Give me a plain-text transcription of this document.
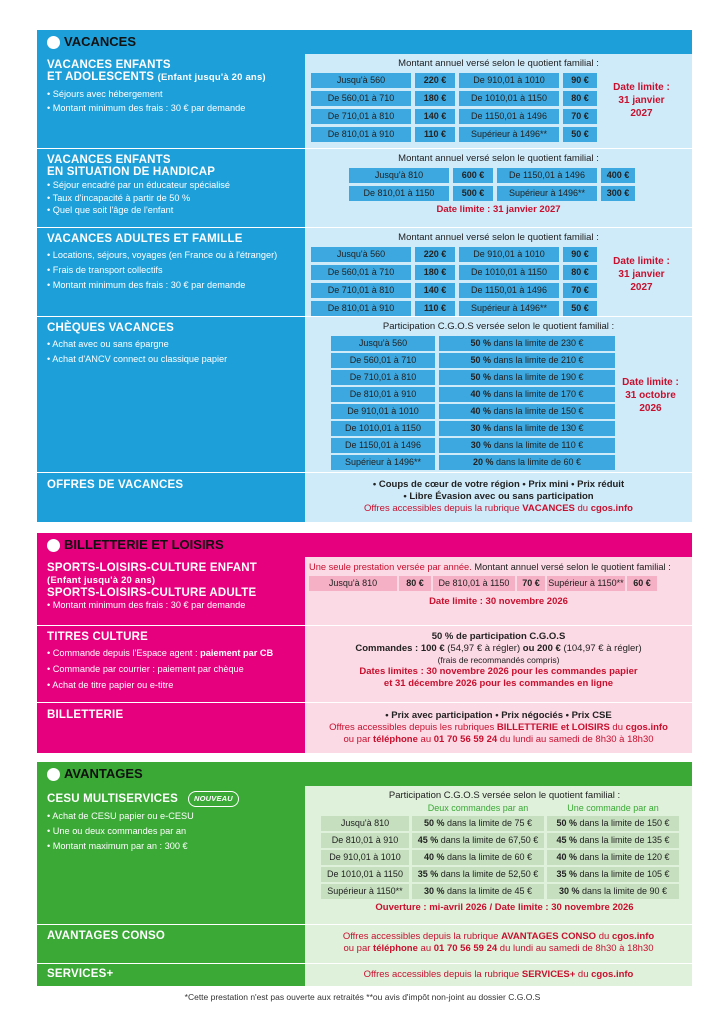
VACANCES
VACANCES ENFANTS
ET ADOLESCENTS (Enfant jusqu'à 20 ans)
• Séjours avec hébergement
• Montant minimum des frais : 30 € par demande
Montant annuel versé selon le quotient familial :
Jusqu'à 560	220 €	De 910,01 à 1010	90 €
De 560,01 à 710	180 €	De 1010,01 à 1150	80 €
De 710,01 à 810	140 €	De 1150,01 à 1496	70 €
De 810,01 à 910	110 €	Supérieur à 1496**	50 €
Date limite :
31 janvier
2027
VACANCES ENFANTS
EN SITUATION DE HANDICAP
• Séjour encadré par un éducateur spécialisé
• Taux d'incapacité à partir de 50 %
• Quel que soit l'âge de l'enfant
Montant annuel versé selon le quotient familial :
Jusqu'à 810	600 €	De 1150,01 à 1496	400 €
De 810,01 à 1150	500 €	Supérieur à 1496**	300 €
Date limite : 31 janvier 2027
VACANCES ADULTES ET FAMILLE
• Locations, séjours, voyages (en France ou à l'étranger)
• Frais de transport collectifs
• Montant minimum des frais : 30 € par demande
Montant annuel versé selon le quotient familial :
Jusqu'à 560	220 €	De 910,01 à 1010	90 €
De 560,01 à 710	180 €	De 1010,01 à 1150	80 €
De 710,01 à 810	140 €	De 1150,01 à 1496	70 €
De 810,01 à 910	110 €	Supérieur à 1496**	50 €
Date limite :
31 janvier
2027
CHÈQUES VACANCES
• Achat avec ou sans épargne
• Achat d'ANCV connect ou classique papier
Participation C.G.O.S versée selon le quotient familial :
Jusqu'à 560	50 % dans la limite de 230 €
De 560,01 à 710	50 % dans la limite de 210 €
De 710,01 à 810	50 % dans la limite de 190 €
De 810,01 à 910	40 % dans la limite de 170 €
De 910,01 à 1010	40 % dans la limite de 150 €
De 1010,01 à 1150	30 % dans la limite de 130 €
De 1150,01 à 1496	30 % dans la limite de 110 €
Supérieur à 1496**	20 % dans la limite de 60 €
Date limite :
31 octobre
2026
OFFRES DE VACANCES	• Coups de cœur de votre région • Prix mini • Prix réduit
• Libre Évasion avec ou sans participation
Offres accessibles depuis la rubrique VACANCES du cgos.info
BILLETTERIE ET LOISIRS
SPORTS-LOISIRS-CULTURE ENFANT
(Enfant jusqu'à 20 ans)
SPORTS-LOISIRS-CULTURE ADULTE
• Montant minimum des frais : 30 € par demande
Une seule prestation versée par année. Montant annuel versé selon le quotient familial :
Jusqu'à 810	80 €	De 810,01 à 1150	70 € Supérieur à 1150**	60 €
Date limite : 30 novembre 2026
TITRES CULTURE
• Commande depuis l'Espace agent : paiement par CB
• Commande par courrier : paiement par chèque
• Achat de titre papier ou e-titre
50 % de participation C.G.O.S
Commandes : 100 € (54,97 € à régler) ou 200 € (104,97 € à régler)
(frais de recommandés compris)
Dates limites : 30 novembre 2026 pour les commandes papier
et 31 décembre 2026 pour les commandes en ligne
BILLETTERIE	• Prix avec participation • Prix négociés • Prix CSE
Offres accessibles depuis les rubriques BILLETTERIE et LOISIRS du cgos.info
ou par téléphone au 01 70 56 59 24 du lundi au samedi de 8h30 à 18h30
AVANTAGES
CESU MULTISERVICES	NOUVEAU
• Achat de CESU papier ou e-CESU
• Une ou deux commandes par an
• Montant maximum par an : 300 €
Participation C.G.O.S versée selon le quotient familial :
Deux commandes par an	Une commande par an
Jusqu'à 810	50 % dans la limite de 75 €	50 % dans la limite de 150 €
De 810,01 à 910	45 % dans la limite de 67,50 €	45 % dans la limite de 135 €
De 910,01 à 1010	40 % dans la limite de 60 €	40 % dans la limite de 120 €
De 1010,01 à 1150	35 % dans la limite de 52,50 €	35 % dans la limite de 105 €
Supérieur à 1150**	30 % dans la limite de 45 €	30 % dans la limite de 90 €
Ouverture : mi-avril 2026 / Date limite : 30 novembre 2026
AVANTAGES CONSO	Offres accessibles depuis la rubrique AVANTAGES CONSO du cgos.info
ou par téléphone au 01 70 56 59 24 du lundi au samedi de 8h30 à 18h30
SERVICES+	Offres accessibles depuis la rubrique SERVICES+ du cgos.info
*Cette prestation n'est pas ouverte aux retraités **ou avis d'impôt non-joint au dossier C.G.O.S
